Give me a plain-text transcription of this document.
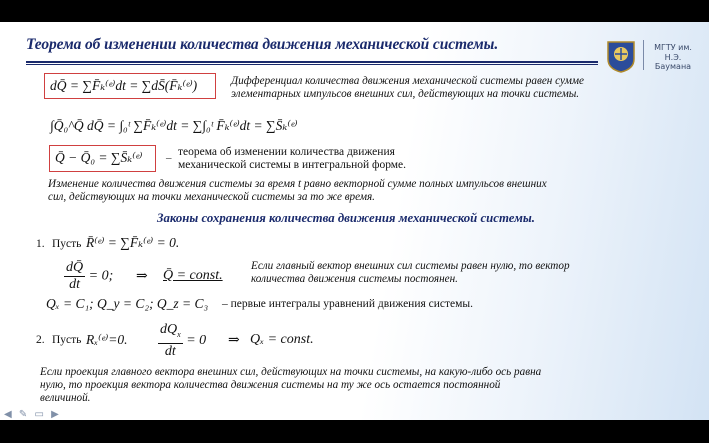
Теорема об изменении количества движения механической системы.	МГТУ им. Н.Э. Баумана
dQ̄ = ∑F̄ₖ⁽ᵉ⁾dt = ∑dS̄(F̄ₖ⁽ᵉ⁾)	Дифференциал количества движения механической системы равен сумме элементарных импульсов внешних сил, действующих на точки системы.
∫Q̄₀^Q̄ dQ̄ = ∫₀ᵗ ∑F̄ₖ⁽ᵉ⁾dt = ∑∫₀ᵗ F̄ₖ⁽ᵉ⁾dt = ∑S̄ₖ⁽ᵉ⁾
Q̄ − Q̄₀ = ∑S̄ₖ⁽ᵉ⁾ – теорема об изменении количества движения механической системы в интегральной форме.
Изменение количества движения системы за время t равно векторной сумме полных импульсов внешних сил, действующих на точки механической системы за то же время.
Законы сохранения количества движения механической системы.
1. Пусть R̄⁽ᵉ⁾ = ∑F̄ₖ⁽ᵉ⁾ = 0.
$\frac{dQ̄}{dt} = 0$; ⇒ Q̄ = const.
Если главный вектор внешних сил системы равен нулю, то вектор количества движения системы постоянен.
Qₓ = C₁; Q_y = C₂; Q_z = C₃ – первые интегралы уравнений движения системы.
2. Пусть Rₓ⁽ᵉ⁾=0. $\frac{dQ_x}{dt} = 0$ ⇒ Qₓ = const.
Если проекция главного вектора внешних сил, действующих на точки системы, на какую-либо ось равна нулю, то проекция вектора количества движения системы на ту же ось остается постоянной величиной.
◀ ✎ ▭ ▶
